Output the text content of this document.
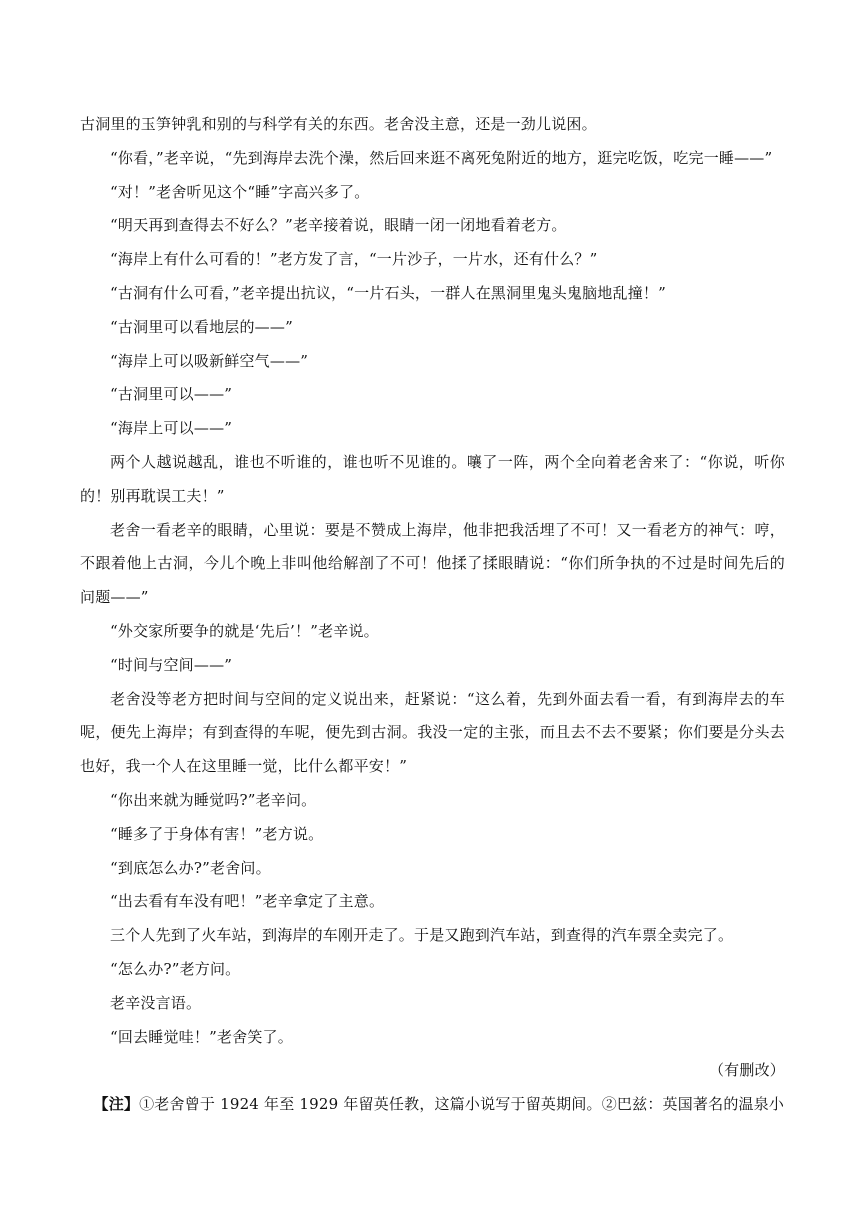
古洞里的玉笋钟乳和别的与科学有关的东西。老舍没主意，还是一劲儿说困。

“你看，”老辛说，“先到海岸去洗个澡，然后回来逛不离死兔附近的地方，逛完吃饭，吃完一睡——”

“对！”老舍听见这个“睡”字高兴多了。

“明天再到查得去不好么？”老辛接着说，眼睛一闭一闭地看着老方。

“海岸上有什么可看的！”老方发了言，“一片沙子，一片水，还有什么？”

“古洞有什么可看，”老辛提出抗议，“一片石头，一群人在黑洞里鬼头鬼脑地乱撞！”

“古洞里可以看地层的——”

“海岸上可以吸新鲜空气——”

“古洞里可以——”

“海岸上可以——”

两个人越说越乱，谁也不听谁的，谁也听不见谁的。嚷了一阵，两个全向着老舍来了：“你说，听你的！别再耽误工夫！”

老舍一看老辛的眼睛，心里说：要是不赞成上海岸，他非把我活埋了不可！又一看老方的神气：哼，不跟着他上古洞，今儿个晚上非叫他给解剖了不可！他揉了揉眼睛说：“你们所争执的不过是时间先后的问题——”

“外交家所要争的就是‘先后’！”老辛说。

“时间与空间——”

老舍没等老方把时间与空间的定义说出来，赶紧说：“这么着，先到外面去看一看，有到海岸去的车呢，便先上海岸；有到查得的车呢，便先到古洞。我没一定的主张，而且去不去不要紧；你们要是分头去也好，我一个人在这里睡一觉，比什么都平安！”

“你出来就为睡觉吗?”老辛问。

“睡多了于身体有害！”老方说。

“到底怎么办?”老舍问。

“出去看有车没有吧！”老辛拿定了主意。

三个人先到了火车站，到海岸的车刚开走了。于是又跑到汽车站，到查得的汽车票全卖完了。

“怎么办?”老方问。

老辛没言语。

“回去睡觉哇！”老舍笑了。

（有删改）

【注】①老舍曾于 1924 年至 1929 年留英任教，这篇小说写于留英期间。②巴兹：英国著名的温泉小
